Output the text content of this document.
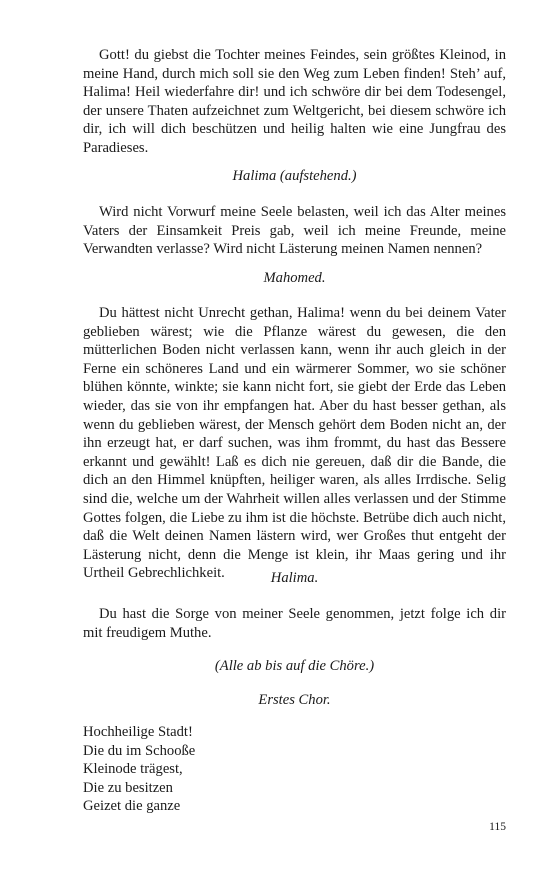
Gott! du giebst die Tochter meines Feindes, sein größtes Kleinod, in meine Hand, durch mich soll sie den Weg zum Leben finden! Steh’ auf, Halima! Heil wiederfahre dir! und ich schwöre dir bei dem Todesengel, der unsere Thaten aufzeichnet zum Weltgericht, bei diesem schwöre ich dir, ich will dich beschützen und heilig halten wie eine Jungfrau des Paradieses.

Halima (aufstehend.)

Wird nicht Vorwurf meine Seele belasten, weil ich das Alter meines Vaters der Einsamkeit Preis gab, weil ich meine Freunde, meine Verwandten verlasse? Wird nicht Lästerung meinen Namen nennen?

Mahomed.

Du hättest nicht Unrecht gethan, Halima! wenn du bei deinem Vater geblieben wärest; wie die Pflanze wärest du gewesen, die den mütterlichen Boden nicht verlassen kann, wenn ihr auch gleich in der Ferne ein schöneres Land und ein wärmerer Sommer, wo sie schöner blühen könnte, winkte; sie kann nicht fort, sie giebt der Erde das Leben wieder, das sie von ihr empfangen hat. Aber du hast besser gethan, als wenn du geblieben wärest, der Mensch gehört dem Boden nicht an, der ihn erzeugt hat, er darf suchen, was ihm frommt, du hast das Bessere erkannt und gewählt! Laß es dich nie gereuen, daß dir die Bande, die dich an den Himmel knüpften, heiliger waren, als alles Irrdische. Selig sind die, welche um der Wahrheit willen alles verlassen und der Stimme Gottes folgen, die Liebe zu ihm ist die höchste. Betrübe dich auch nicht, daß die Welt deinen Namen lästern wird, wer Großes thut entgeht der Lästerung nicht, denn die Menge ist klein, ihr Maas gering und ihr Urtheil Gebrechlichkeit.	Halima.

Du hast die Sorge von meiner Seele genommen, jetzt folge ich dir mit freudigem Muthe.

(Alle ab bis auf die Chöre.)

Erstes Chor.

Hochheilige Stadt!
Die du im Schooße
Kleinode trägest,
Die zu besitzen
Geizet die ganze
115
